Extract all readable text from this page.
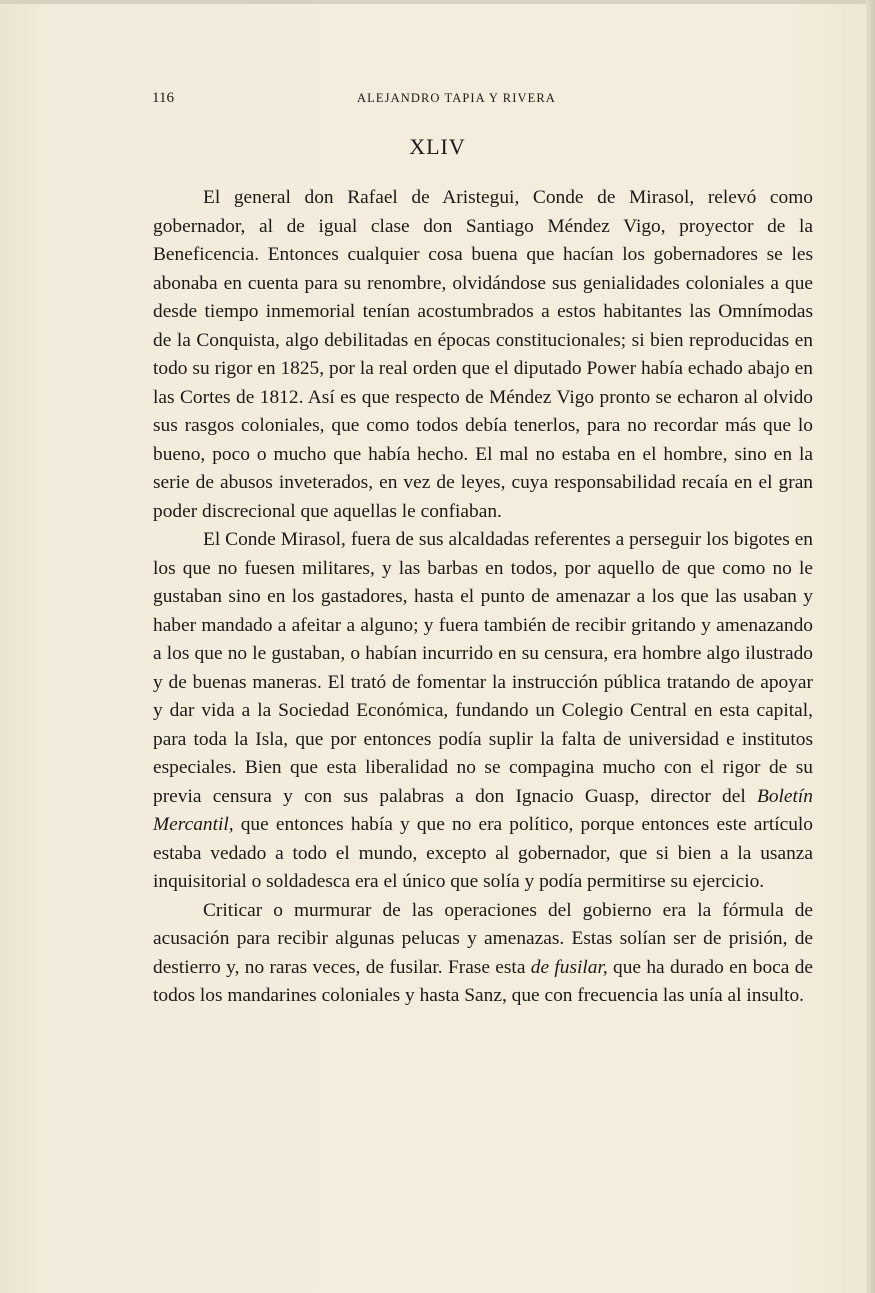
116	ALEJANDRO TAPIA Y RIVERA
XLIV

El general don Rafael de Aristegui, Conde de Mirasol, relevó como gobernador, al de igual clase don Santiago Méndez Vigo, proyector de la Beneficencia. Entonces cualquier cosa buena que hacían los gobernadores se les abonaba en cuenta para su renombre, olvidándose sus genialidades coloniales a que desde tiempo inmemorial tenían acostumbrados a estos habitantes las Omnímodas de la Conquista, algo debilitadas en épocas constitucionales; si bien reproducidas en todo su rigor en 1825, por la real orden que el diputado Power había echado abajo en las Cortes de 1812. Así es que respecto de Méndez Vigo pronto se echaron al olvido sus rasgos coloniales, que como todos debía tenerlos, para no recordar más que lo bueno, poco o mucho que había hecho. El mal no estaba en el hombre, sino en la serie de abusos inveterados, en vez de leyes, cuya responsabilidad recaía en el gran poder discrecional que aquellas le confiaban.

El Conde Mirasol, fuera de sus alcaldadas referentes a perseguir los bigotes en los que no fuesen militares, y las barbas en todos, por aquello de que como no le gustaban sino en los gastadores, hasta el punto de amenazar a los que las usaban y haber mandado a afeitar a alguno; y fuera también de recibir gritando y amenazando a los que no le gustaban, o habían incurrido en su censura, era hombre algo ilustrado y de buenas maneras. El trató de fomentar la instrucción pública tratando de apoyar y dar vida a la Sociedad Económica, fundando un Colegio Central en esta capital, para toda la Isla, que por entonces podía suplir la falta de universidad e institutos especiales. Bien que esta liberalidad no se compagina mucho con el rigor de su previa censura y con sus palabras a don Ignacio Guasp, director del Boletín Mercantil, que entonces había y que no era político, porque entonces este artículo estaba vedado a todo el mundo, excepto al gobernador, que si bien a la usanza inquisitorial o soldadesca era el único que solía y podía permitirse su ejercicio.

Criticar o murmurar de las operaciones del gobierno era la fórmula de acusación para recibir algunas pelucas y amenazas. Estas solían ser de prisión, de destierro y, no raras veces, de fusilar. Frase esta de fusilar, que ha durado en boca de todos los mandarines coloniales y hasta Sanz, que con frecuencia las unía al insulto.
